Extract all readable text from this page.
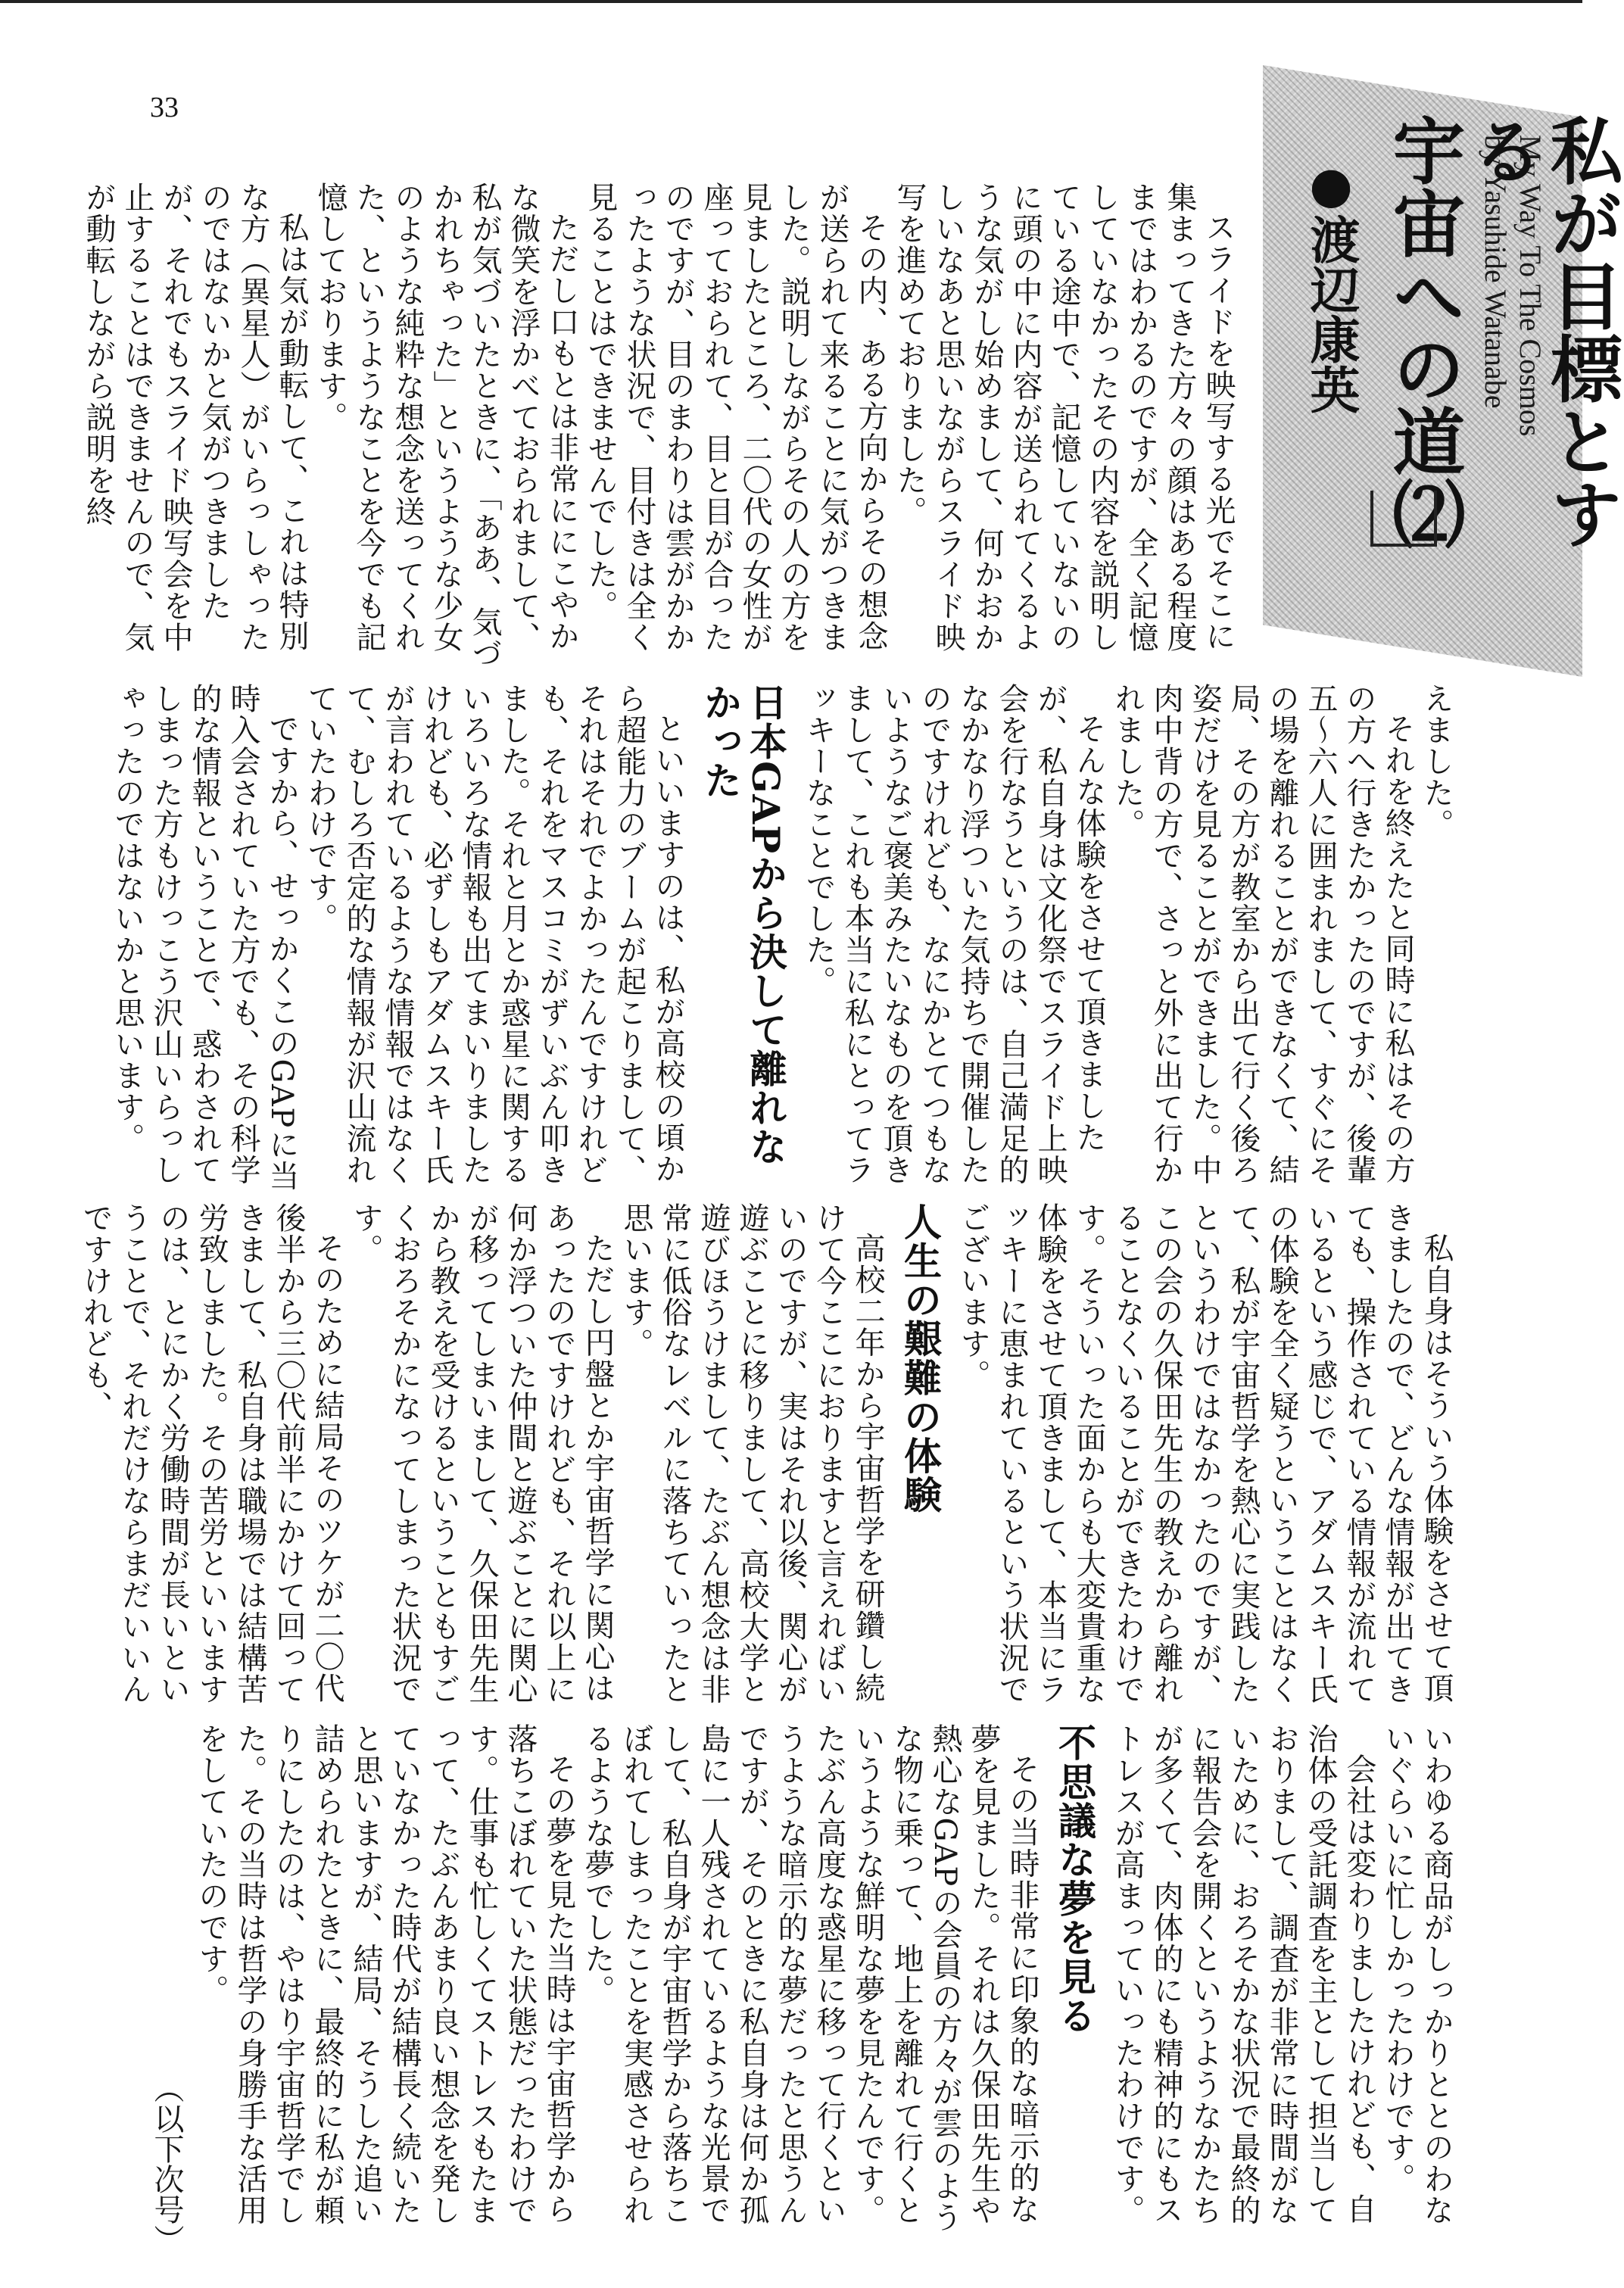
33
My Way To The Cosmos
by Yasuhide Watanabe 私が目標とする
宇宙への道⑵
●渡辺康英

スライドを映写する光でそこに集まってきた方々の顔はある程度まではわかるのですが、全く記憶していなかったその内容を説明している途中で、記憶していないのに頭の中に内容が送られてくるような気がし始めまして、何かおかしいなあと思いながらスライド映写を進めておりました。

その内、ある方向からその想念が送られて来ることに気がつきました。説明しながらその人の方を見ましたところ、二〇代の女性が座っておられて、目と目が合ったのですが、目のまわりは雲がかかったような状況で、目付きは全く見ることはできませんでした。

ただし口もとは非常ににこやかな微笑を浮かべておられまして、私が気づいたときに、「ああ、気づかれちゃった」というような少女のような純粋な想念を送ってくれた、というようなことを今でも記憶しております。

私は気が動転して、これは特別な方（異星人）がいらっしゃったのではないかと気がつきましたが、それでもスライド映写会を中止することはできませんので、気が動転しながら説明を終

えました。

それを終えたと同時に私はその方の方へ行きたかったのですが、後輩五～六人に囲まれまして、すぐにその場を離れることができなくて、結局、その方が教室から出て行く後ろ姿だけを見ることができました。中肉中背の方で、さっと外に出て行かれました。

そんな体験をさせて頂きましたが、私自身は文化祭でスライド上映会を行なうというのは、自己満足的なかなり浮ついた気持ちで開催したのですけれども、なにかとてつもないようなご褒美みたいなものを頂きまして、これも本当に私にとってラッキーなことでした。

日本GAPから決して離れなかった

といいますのは、私が高校の頃から超能力のブームが起こりまして、それはそれでよかったんですけれども、それをマスコミがずいぶん叩きました。それと月とか惑星に関するいろいろな情報も出てまいりましたけれども、必ずしもアダムスキー氏が言われているような情報ではなくて、むしろ否定的な情報が沢山流れていたわけです。

ですから、せっかくこのGAPに当時入会されていた方でも、その科学的な情報ということで、惑わされてしまった方もけっこう沢山いらっしゃったのではないかと思います。

私自身はそういう体験をさせて頂きましたので、どんな情報が出てきても、操作されている情報が流れているという感じで、アダムスキー氏の体験を全く疑うということはなくて、私が宇宙哲学を熱心に実践したというわけではなかったのですが、この会の久保田先生の教えから離れることなくいることができたわけです。そういった面からも大変貴重な体験をさせて頂きまして、本当にラッキーに恵まれているという状況でございます。

人生の艱難の体験

高校二年から宇宙哲学を研鑽し続けて今ここにおりますと言えればいいのですが、実はそれ以後、関心が遊ぶことに移りまして、高校大学と遊びほうけまして、たぶん想念は非常に低俗なレベルに落ちていったと思います。

ただし円盤とか宇宙哲学に関心はあったのですけれども、それ以上に何か浮ついた仲間と遊ぶことに関心が移ってしまいまして、久保田先生から教えを受けるということもすごくおろそかになってしまった状況です。

そのために結局そのツケが二〇代後半から三〇代前半にかけて回ってきまして、私自身は職場では結構苦労致しました。その苦労といいますのは、とにかく労働時間が長いということで、それだけならまだいいんですけれども、

いわゆる商品がしっかりととのわないぐらいに忙しかったわけです。

会社は変わりましたけれども、自治体の受託調査を主として担当しておりまして、調査が非常に時間がないために、おろそかな状況で最終的に報告会を開くというようなかたちが多くて、肉体的にも精神的にもストレスが高まっていったわけです。

不思議な夢を見る

その当時非常に印象的な暗示的な夢を見ました。それは久保田先生や熱心なGAPの会員の方々が雲のような物に乗って、地上を離れて行くというような鮮明な夢を見たんです。たぶん高度な惑星に移って行くというような暗示的な夢だったと思うんですが、そのときに私自身は何か孤島に一人残されているような光景でして、私自身が宇宙哲学から落ちこぼれてしまったことを実感させられるような夢でした。

その夢を見た当時は宇宙哲学から落ちこぼれていた状態だったわけです。仕事も忙しくてストレスもたまって、たぶんあまり良い想念を発していなかった時代が結構長く続いたと思いますが、結局、そうした追い詰められたときに、最終的に私が頼りにしたのは、やはり宇宙哲学でした。その当時は哲学の身勝手な活用をしていたのです。

（以下次号）
